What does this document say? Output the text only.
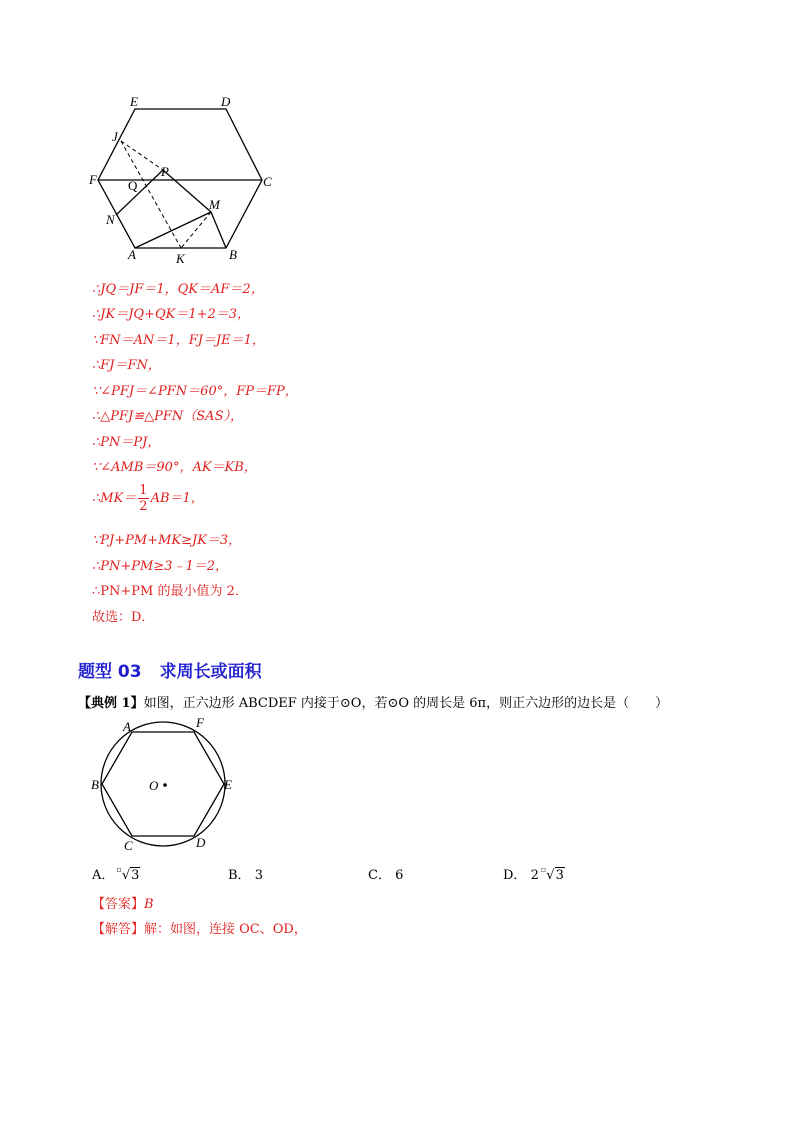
E	D
J
P
F	C
Q
M
N
A	K	B
∴JQ＝JF＝1，QK＝AF＝2，
∴JK＝JQ+QK＝1+2＝3，
∵FN＝AN＝1，FJ＝JE＝1，
∴FJ＝FN，
∵∠PFJ＝∠PFN＝60°，FP＝FP，
∴△PFJ≌△PFN（SAS），
∴PN＝PJ，
∵∠AMB＝90°，AK＝KB，
∴MK＝ $\frac{1}{2} AB=1$，
∵PJ+PM+MK≥JK＝3，
∴PN+PM≥3﹣1＝2，
∴PN+PM 的最小值为 2．
故选：D．
题型 03 求周长或面积
【典例 1】如图，正六边形 ABCDEF 内接于⊙O，若⊙O 的周长是 6π，则正六边形的边长是（　　）
A	F
B	O	E
C	D
A． ▫√3	B． 3	C． 6	D． 2 ▫√3
【答案】B
【解答】解：如图，连接 OC、OD，
